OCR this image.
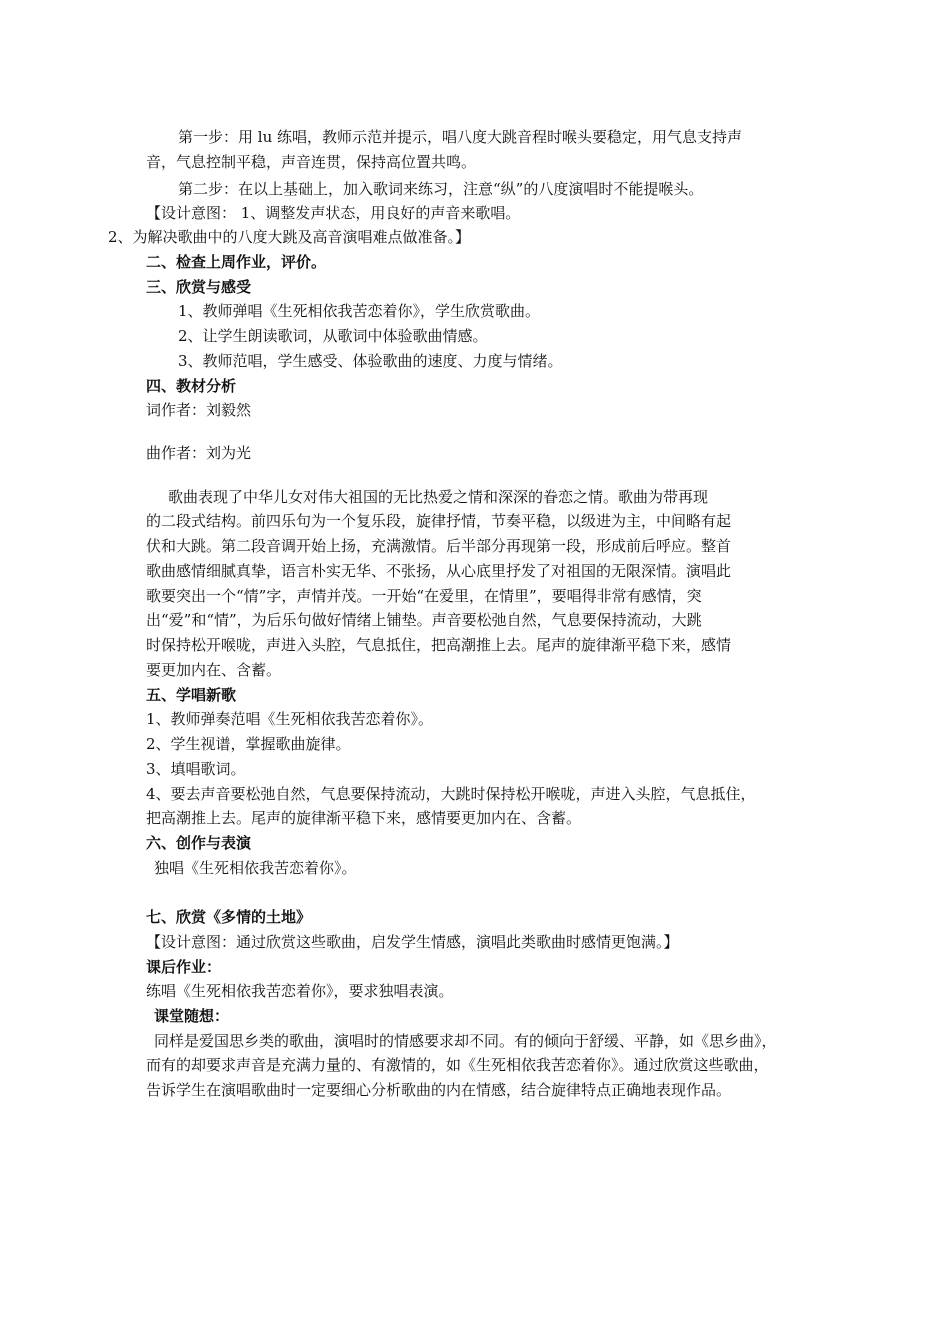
第一步：用 lu 练唱，教师示范并提示，唱八度大跳音程时喉头要稳定，用气息支持声
音，气息控制平稳，声音连贯，保持高位置共鸣。
第二步：在以上基础上，加入歌词来练习，注意“纵”的八度演唱时不能提喉头。
【设计意图： 1、调整发声状态，用良好的声音来歌唱。
2、为解决歌曲中的八度大跳及高音演唱难点做准备。】
二、检查上周作业，评价。
三、欣赏与感受
1、教师弹唱《生死相依我苦恋着你》，学生欣赏歌曲。
2、让学生朗读歌词，从歌词中体验歌曲情感。
3、教师范唱，学生感受、体验歌曲的速度、力度与情绪。
四、教材分析
词作者：刘毅然
曲作者：刘为光
歌曲表现了中华儿女对伟大祖国的无比热爱之情和深深的眷恋之情。歌曲为带再现
的二段式结构。前四乐句为一个复乐段，旋律抒情，节奏平稳，以级进为主，中间略有起
伏和大跳。第二段音调开始上扬，充满激情。后半部分再现第一段，形成前后呼应。整首
歌曲感情细腻真挚，语言朴实无华、不张扬，从心底里抒发了对祖国的无限深情。演唱此
歌要突出一个“情”字，声情并茂。一开始“在爱里，在情里”，要唱得非常有感情，突
出“爱”和“情”，为后乐句做好情绪上铺垫。声音要松弛自然，气息要保持流动，大跳
时保持松开喉咙，声进入头腔，气息抵住，把高潮推上去。尾声的旋律渐平稳下来，感情
要更加内在、含蓄。
五、学唱新歌
1、教师弹奏范唱《生死相依我苦恋着你》。
2、学生视谱，掌握歌曲旋律。
3、填唱歌词。
4、要去声音要松弛自然，气息要保持流动，大跳时保持松开喉咙，声进入头腔，气息抵住，
把高潮推上去。尾声的旋律渐平稳下来，感情要更加内在、含蓄。
六、创作与表演
独唱《生死相依我苦恋着你》。
七、欣赏《多情的土地》
【设计意图：通过欣赏这些歌曲，启发学生情感，演唱此类歌曲时感情更饱满。】
课后作业：
练唱《生死相依我苦恋着你》，要求独唱表演。
课堂随想：
同样是爱国思乡类的歌曲，演唱时的情感要求却不同。有的倾向于舒缓、平静，如《思乡曲》，
而有的却要求声音是充满力量的、有激情的，如《生死相依我苦恋着你》。通过欣赏这些歌曲，
告诉学生在演唱歌曲时一定要细心分析歌曲的内在情感，结合旋律特点正确地表现作品。
